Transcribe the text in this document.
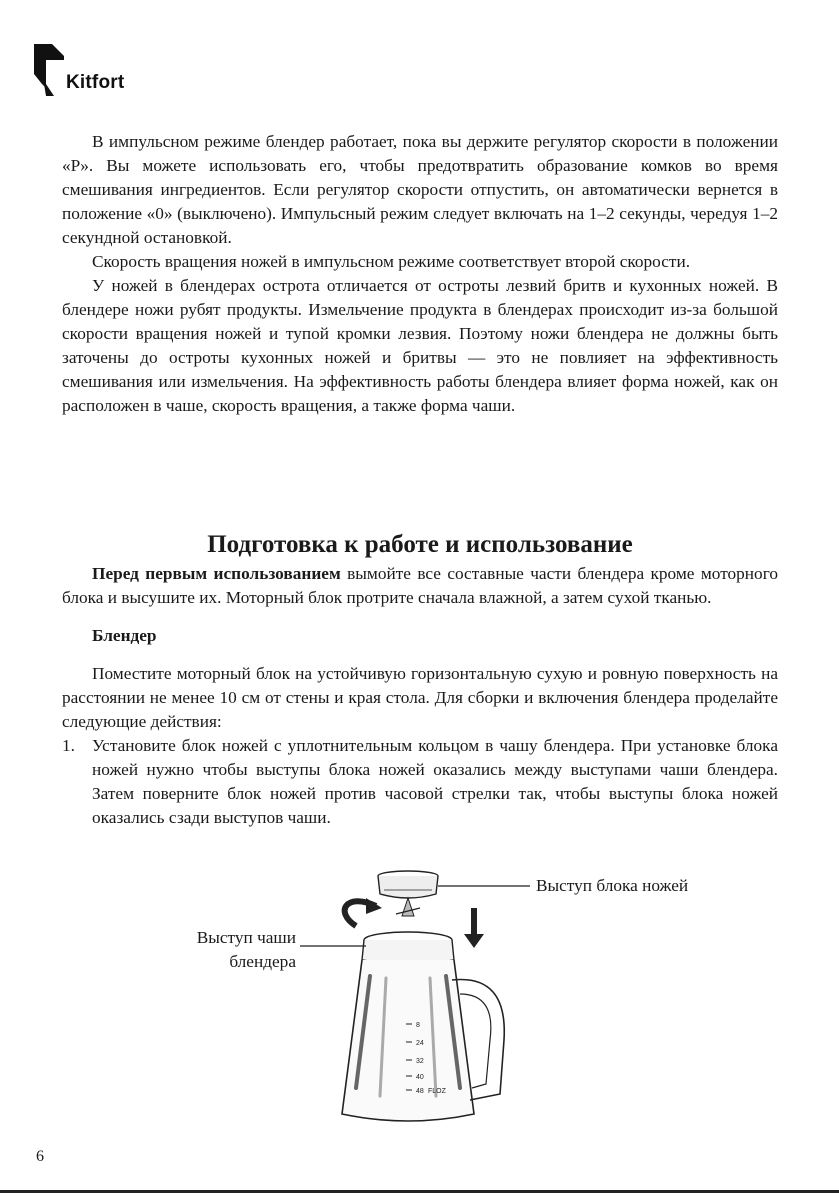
Kitfort

В импульсном режиме блендер работает, пока вы держите регулятор скорости в положении «P». Вы можете использовать его, чтобы предотвратить образование комков во время смешивания ингредиентов. Если регулятор скорости отпустить, он автоматически вернется в положение «0» (выключено). Импульсный режим следует включать на 1–2 секунды, чередуя 1–2 секундной остановкой.

Скорость вращения ножей в импульсном режиме соответствует второй скорости.

У ножей в блендерах острота отличается от остроты лезвий бритв и кухонных ножей. В блендере ножи рубят продукты. Измельчение продукта в блендерах происходит из-за большой скорости вращения ножей и тупой кромки лезвия. Поэтому ножи блендера не должны быть заточены до остроты кухонных ножей и бритвы — это не повлияет на эффективность смешивания или измельчения. На эффективность работы блендера влияет форма ножей, как он расположен в чаше, скорость вращения, а также форма чаши.

Подготовка к работе и использование

Перед первым использованием вымойте все составные части блендера кроме моторного блока и высушите их. Моторный блок протрите сначала влажной, а затем сухой тканью.

Блендер

Поместите моторный блок на устойчивую горизонтальную сухую и ровную поверхность на расстоянии не менее 10 см от стены и края стола. Для сборки и включения блендера проделайте следующие действия:

1. Установите блок ножей с уплотнительным кольцом в чашу блендера. При установке блока ножей нужно чтобы выступы блока ножей оказались между выступами чаши блендера. Затем поверните блок ножей против часовой стрелки так, чтобы выступы блока ножей оказались сзади выступов чаши.
8
24
32
40
48 FLOZ
Выступ блока ножей
Выступ чаши
блендера
6
